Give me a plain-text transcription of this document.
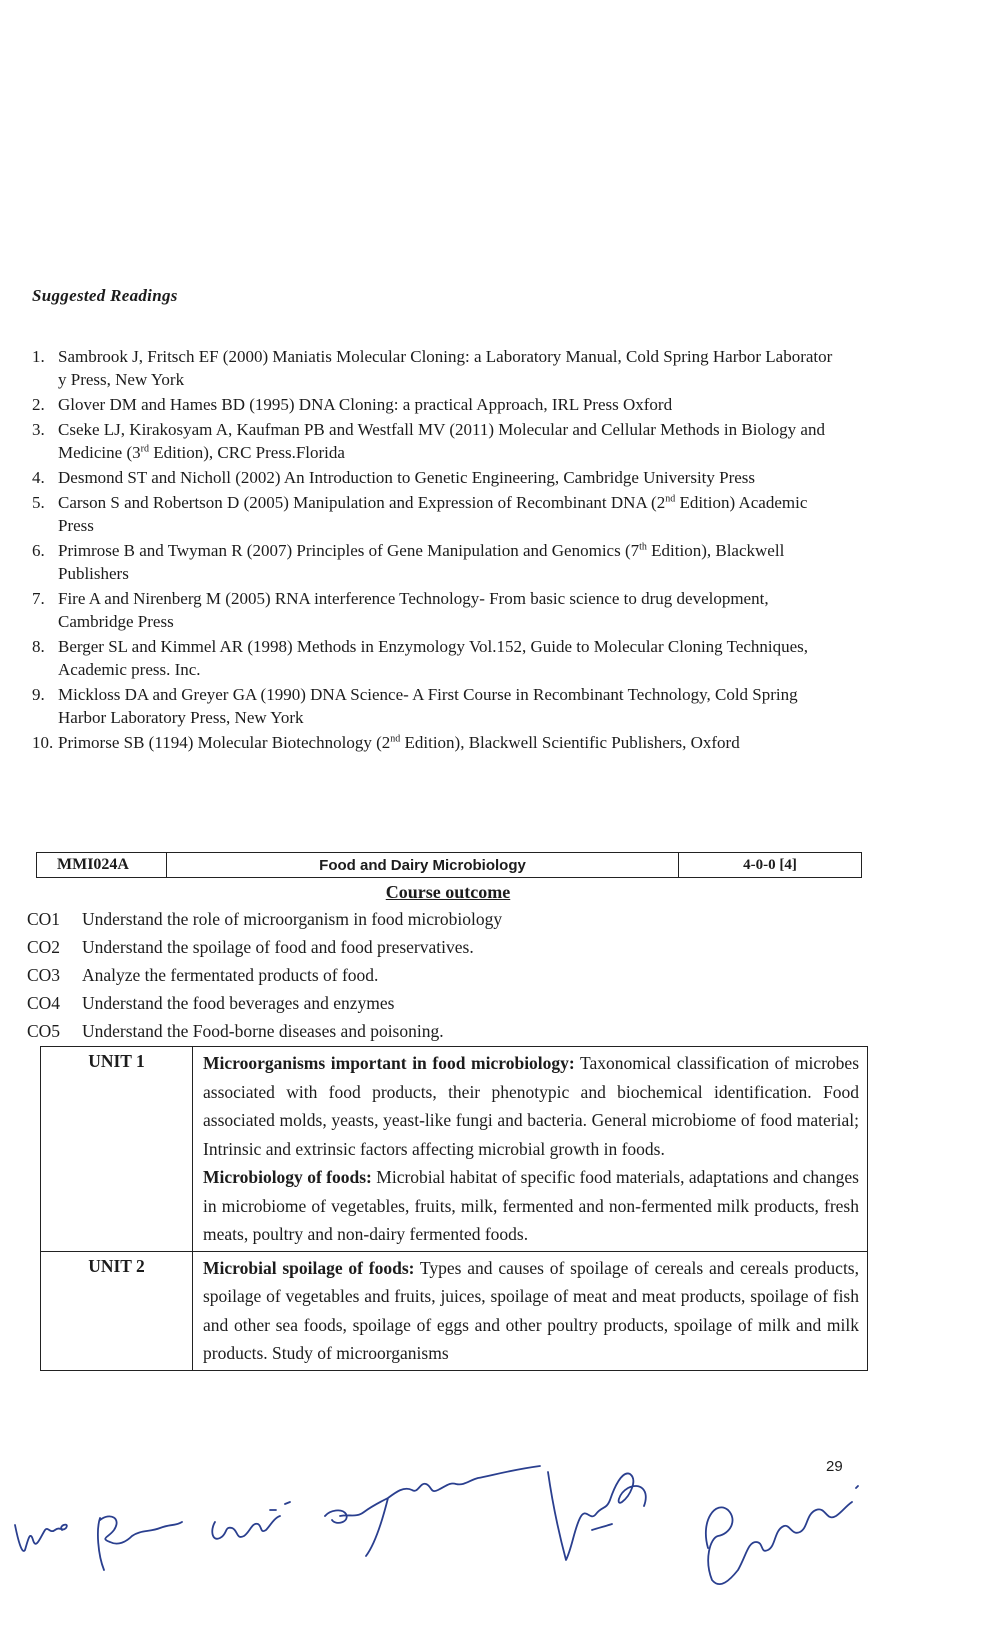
Suggested Readings
1. Sambrook J, Fritsch EF (2000) Maniatis Molecular Cloning: a Laboratory Manual, Cold Spring Harbor Laborator y Press, New York
2. Glover DM and Hames BD (1995) DNA Cloning: a practical Approach, IRL Press Oxford
3. Cseke LJ, Kirakosyam A, Kaufman PB and Westfall MV (2011) Molecular and Cellular Methods in Biology and Medicine (3rd Edition), CRC Press.Florida
4. Desmond ST and Nicholl (2002) An Introduction to Genetic Engineering, Cambridge University Press
5. Carson S and Robertson D (2005) Manipulation and Expression of Recombinant DNA (2nd Edition) Academic Press
6. Primrose B and Twyman R (2007) Principles of Gene Manipulation and Genomics (7th Edition), Blackwell Publishers
7. Fire A and Nirenberg M (2005) RNA interference Technology- From basic science to drug development, Cambridge Press
8. Berger SL and Kimmel AR (1998) Methods in Enzymology Vol.152, Guide to Molecular Cloning Techniques, Academic press. Inc.
9. Mickloss DA and Greyer GA (1990) DNA Science- A First Course in Recombinant Technology, Cold Spring Harbor Laboratory Press, New York
10. Primorse SB (1194) Molecular Biotechnology (2nd Edition), Blackwell Scientific Publishers, Oxford
MMI024A	Food and Dairy Microbiology	4-0-0 [4]
Course outcome
CO1	Understand the role of microorganism in food microbiology
CO2	Understand the spoilage of food and food preservatives.
CO3	Analyze the fermentated products of food.
CO4	Understand the food beverages and enzymes
CO5	Understand the Food-borne diseases and poisoning.
UNIT 1	Microorganisms important in food microbiology: Taxonomical classification of microbes associated with food products, their phenotypic and biochemical identification. Food associated molds, yeasts, yeast-like fungi and bacteria. General microbiome of food material; Intrinsic and extrinsic factors affecting microbial growth in foods.
Microbiology of foods: Microbial habitat of specific food materials, adaptations and changes in microbiome of vegetables, fruits, milk, fermented and non-fermented milk products, fresh meats, poultry and non-dairy fermented foods.

UNIT 2	Microbial spoilage of foods: Types and causes of spoilage of cereals and cereals products, spoilage of vegetables and fruits, juices, spoilage of meat and meat products, spoilage of fish and other sea foods, spoilage of eggs and other poultry products, spoilage of milk and milk products. Study of microorganisms
29
